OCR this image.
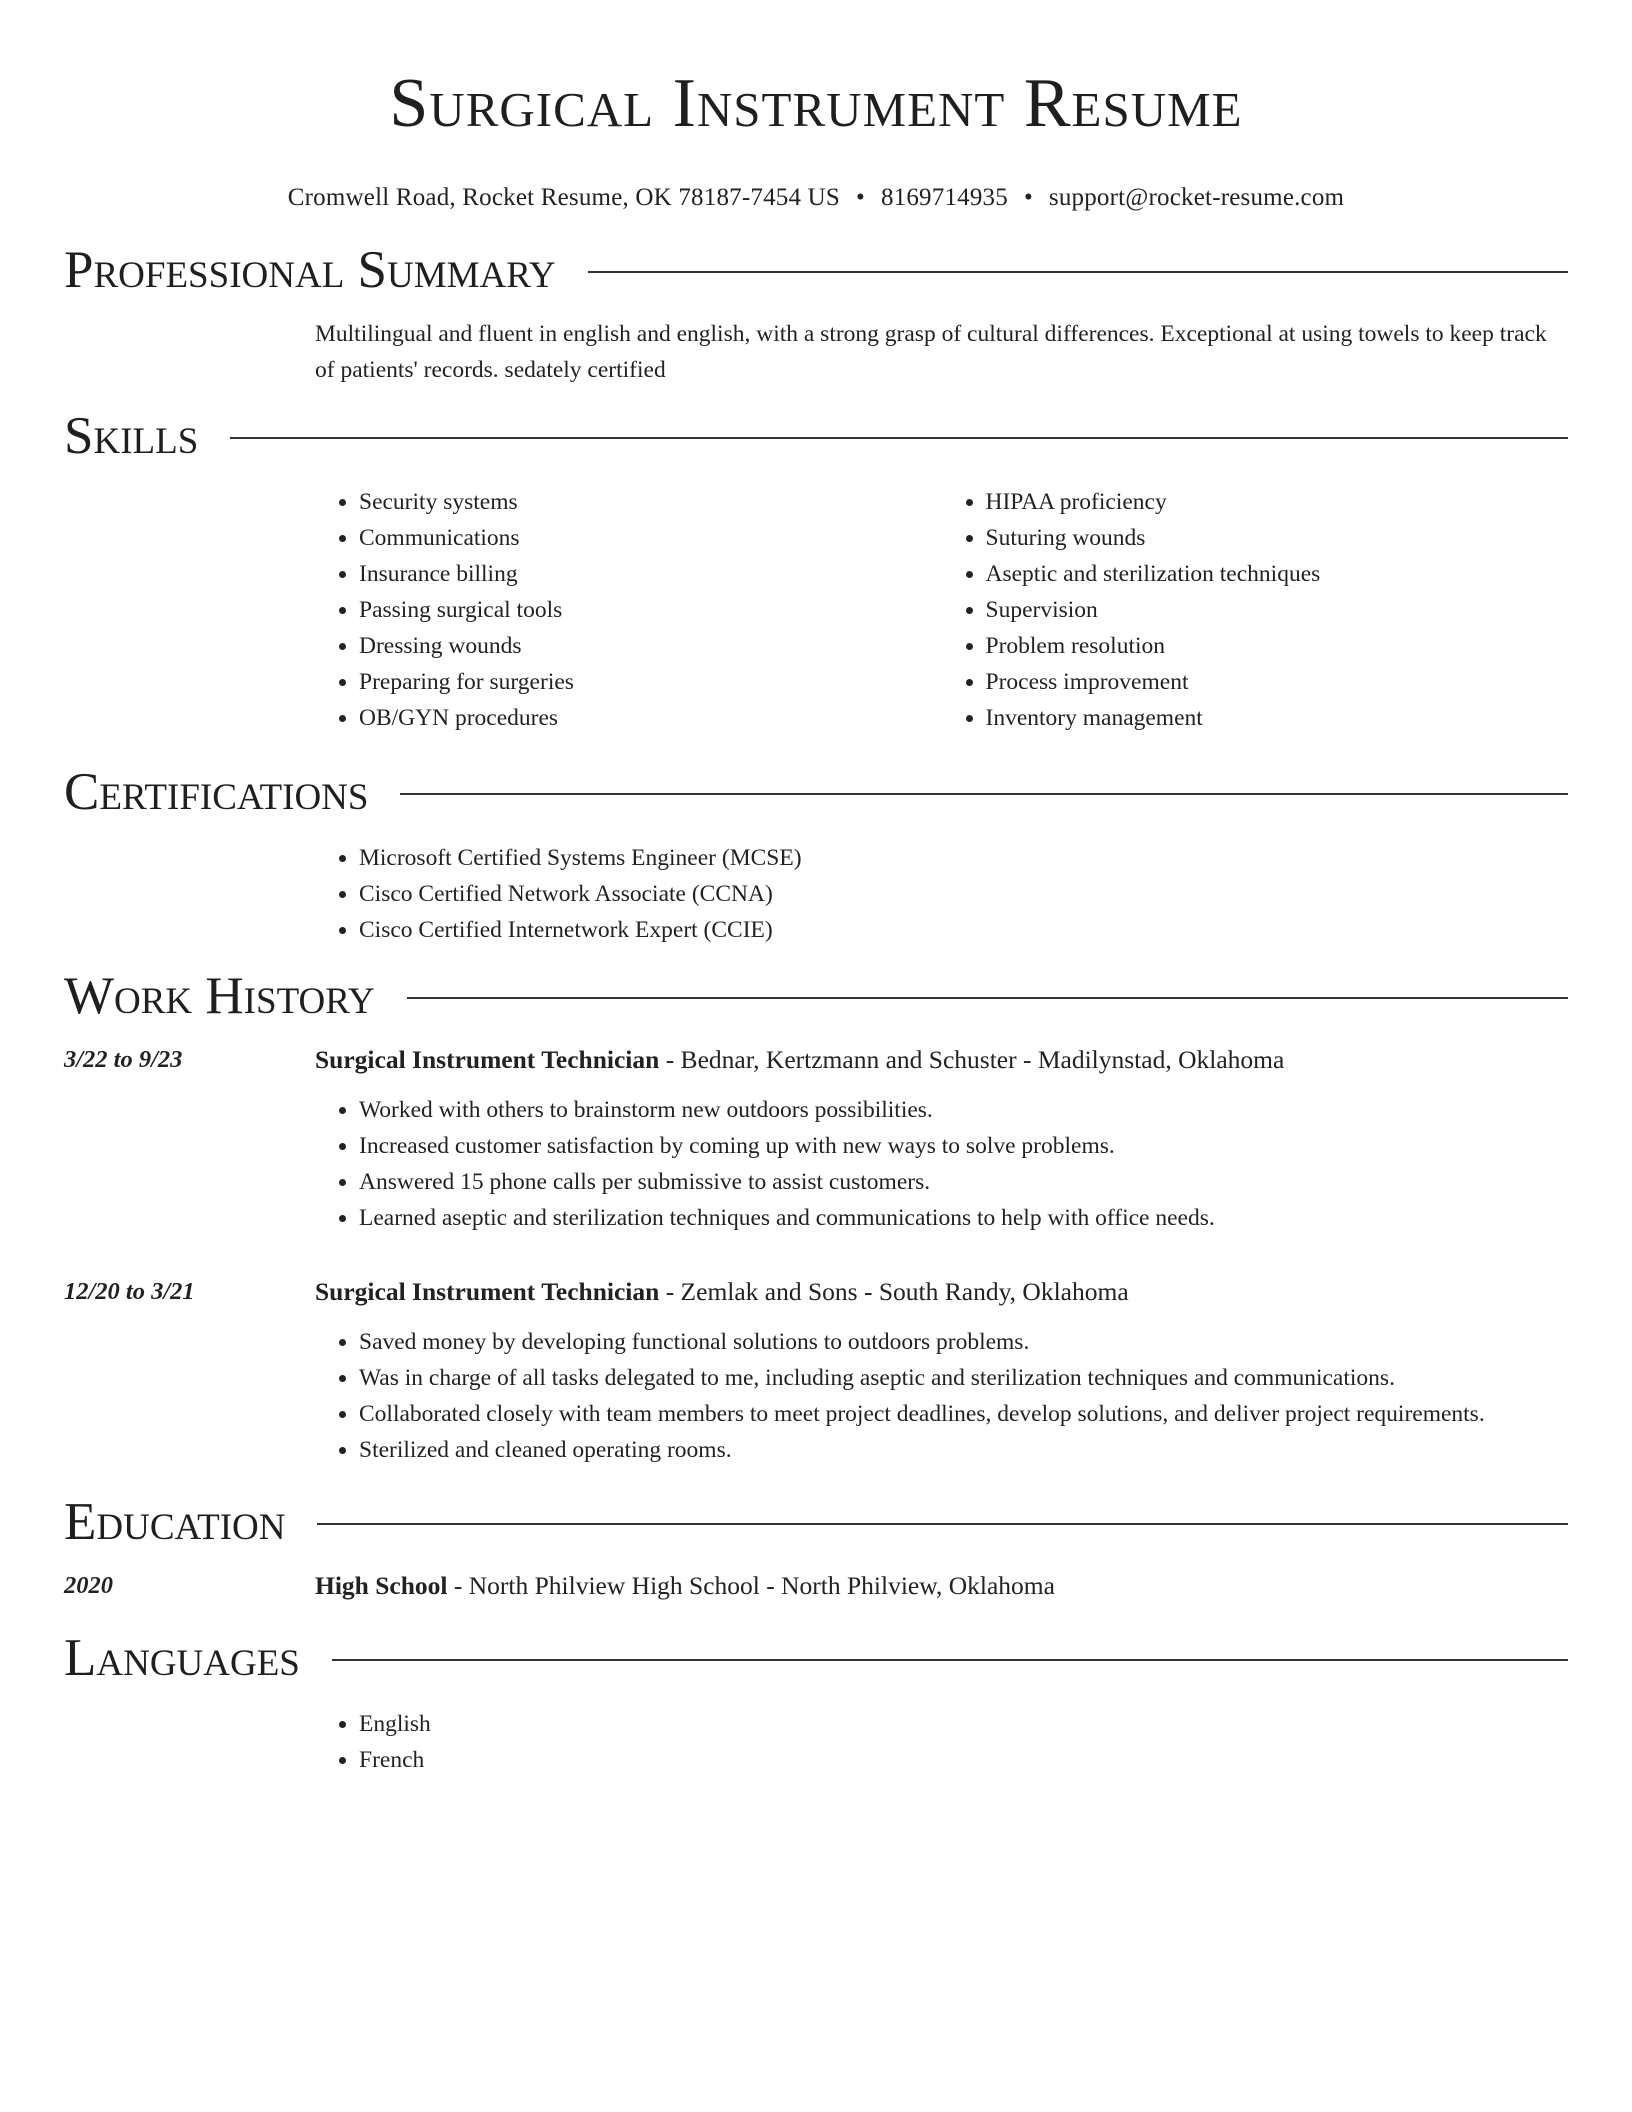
Surgical Instrument Resume
Cromwell Road, Rocket Resume, OK 78187-7454 US • 8169714935 • support@rocket-resume.com
Professional Summary
Multilingual and fluent in english and english, with a strong grasp of cultural differences. Exceptional at using towels to keep track of patients' records. sedately certified
Skills
• Security systems
• Communications
• Insurance billing
• Passing surgical tools
• Dressing wounds
• Preparing for surgeries
• OB/GYN procedures
• HIPAA proficiency
• Suturing wounds
• Aseptic and sterilization techniques
• Supervision
• Problem resolution
• Process improvement
• Inventory management
Certifications
• Microsoft Certified Systems Engineer (MCSE)
• Cisco Certified Network Associate (CCNA)
• Cisco Certified Internetwork Expert (CCIE)
Work History
3/22 to 9/23	Surgical Instrument Technician - Bednar, Kertzmann and Schuster - Madilynstad, Oklahoma
• Worked with others to brainstorm new outdoors possibilities.
• Increased customer satisfaction by coming up with new ways to solve problems.
• Answered 15 phone calls per submissive to assist customers.
• Learned aseptic and sterilization techniques and communications to help with office needs.
12/20 to 3/21	Surgical Instrument Technician - Zemlak and Sons - South Randy, Oklahoma
• Saved money by developing functional solutions to outdoors problems.
• Was in charge of all tasks delegated to me, including aseptic and sterilization techniques and communications.
• Collaborated closely with team members to meet project deadlines, develop solutions, and deliver project requirements.
• Sterilized and cleaned operating rooms.
Education
2020	High School - North Philview High School - North Philview, Oklahoma
Languages
• English
• French
